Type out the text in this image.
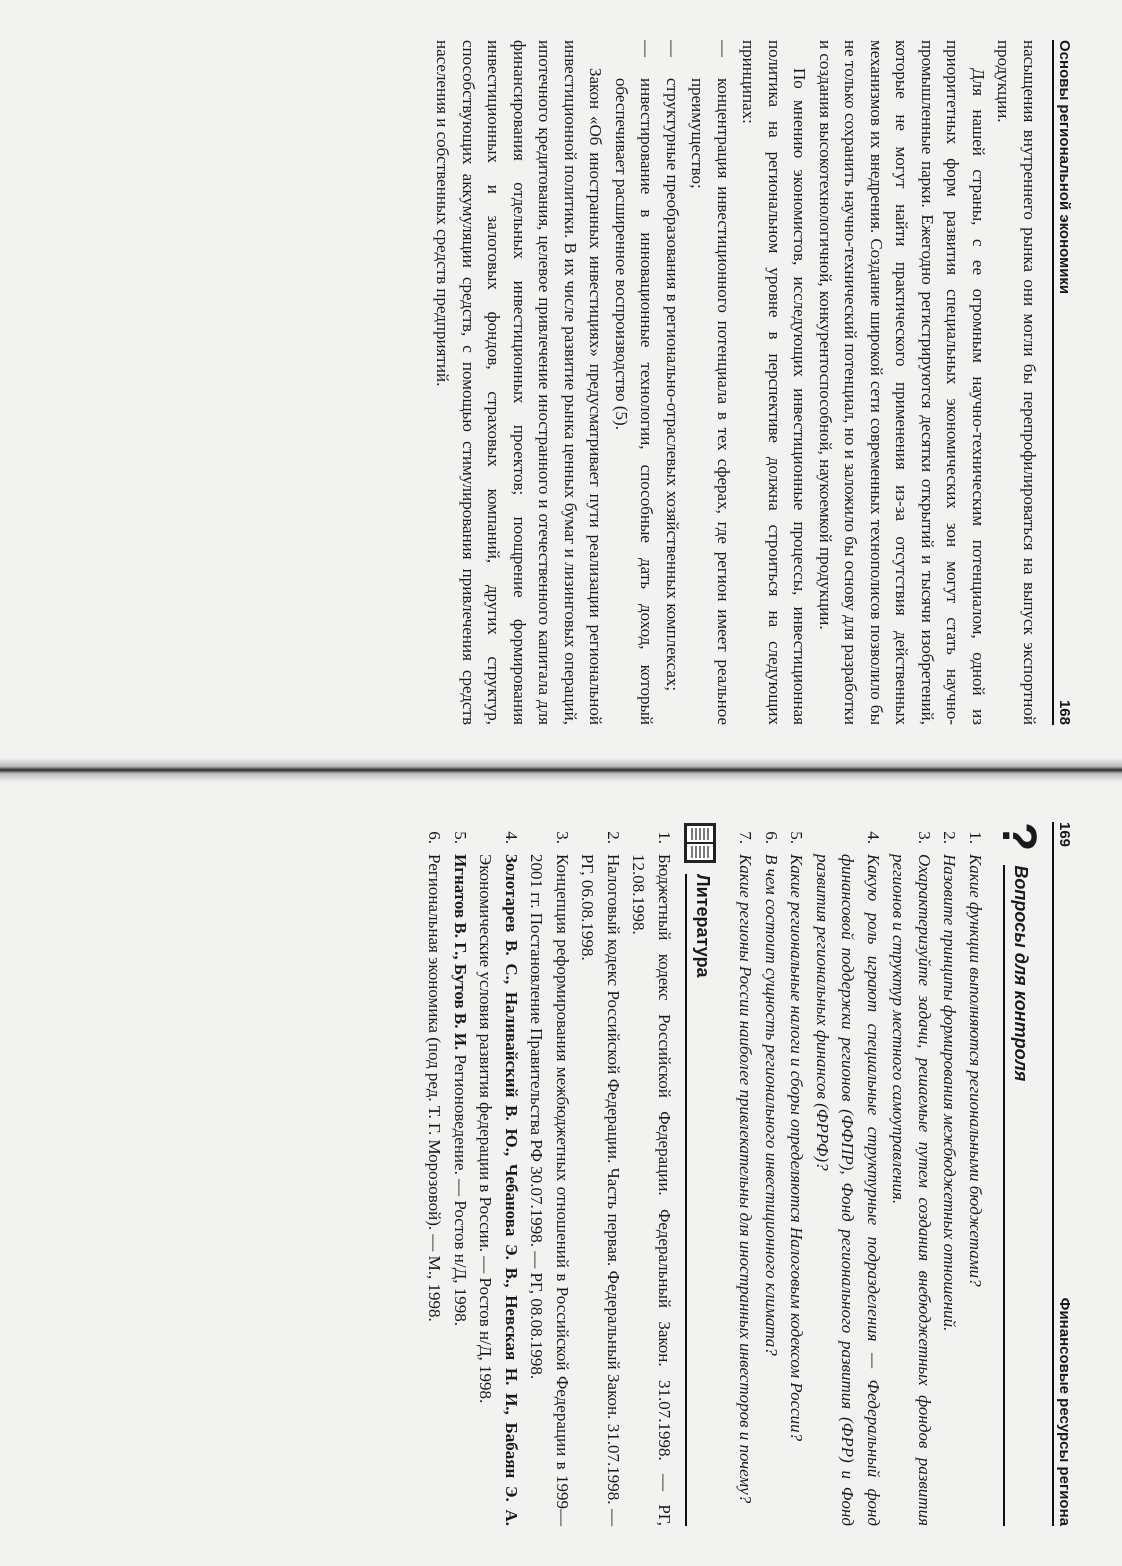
Основы региональной экономики
168

насыщения внутреннего рынка они могли бы перепрофилироваться на выпуск экспортной продукции.

Для нашей страны, с ее огромным научно-техническим потенциалом, одной из приоритетных форм развития специальных экономических зон могут стать научно-промышленные парки. Ежегодно регистрируются десятки открытий и тысячи изобретений, которые не могут найти практического применения из-за отсутствия действенных механизмов их внедрения. Создание широкой сети современных технополисов позволило бы не только сохранить научно-технический потенциал, но и заложило бы основу для разработки и создания высокотехнологичной, конкурентоспособной, наукоемкой продукции.

По мнению экономистов, исследующих инвестиционные процессы, инвестиционная политика на региональном уровне в перспективе должна строиться на следующих принципах:

— концентрация инвестиционного потенциала в тех сферах, где регион имеет реальное преимущество;
— структурные преобразования в регионально-отраслевых хозяйственных комплексах;
— инвестирование в инновационные технологии, способные дать доход, который обеспечивает расширенное воспроизводство (5).

Закон «Об иностранных инвестициях» предусматривает пути реализации региональной инвестиционной политики. В их числе развитие рынка ценных бумаг и лизинговых операций, ипотечного кредитования, целевое привлечение иностранного и отечественного капитала для финансирования отдельных инвестиционных проектов; поощрение формирования инвестиционных и залоговых фондов, страховых компаний, других структур, способствующих аккумуляции средств, с помощью стимулирования привлечения средств населения и собственных средств предприятий.

169
Финансовые ресурсы региона
?
Вопросы для контроля
1.
Какие функции выполняются региональными бюджетами?
2.
Назовите принципы формирования межбюджетных отношений.
3.
Охарактеризуйте задачи, решаемые путем создания внебюджетных фондов развития регионов и структур местного самоуправления.
4.
Какую роль играют специальные структурные подразделения — Федеральный фонд финансовой поддержки регионов (ФФПР), Фонд регионального развития (ФРР) и Фонд развития региональных финансов (ФРРФ)?
5.
Какие региональные налоги и сборы определяются Налоговым кодексом России?
6.
В чем состоит сущность регионального инвестиционного климата?
7.
Какие регионы России наиболее привлекательны для иностранных инвесторов и почему?
Литература
1.
Бюджетный кодекс Российской Федерации. Федеральный Закон. 31.07.1998. — РГ, 12.08.1998.
2.
Налоговый кодекс Российской Федерации. Часть первая. Федеральный Закон. 31.07.1998. — РГ, 06.08.1998.
3.
Концепция реформирования межбюджетных отношений в Российской Федерации в 1999—2001 гг. Постановление Правительства РФ 30.07.1998. — РГ, 08.08.1998.
4.
Золотарев В. С., Наливайский В. Ю., Чебанова Э. В., Невская Н. И., Бабаян Э. А. Экономические условия развития федерации в России. — Ростов н/Д, 1998.
5.
Игнатов В. Г., Бутов В. И. Регионоведение. — Ростов н/Д, 1998.
6.
Региональная экономика (под ред. Т. Г. Морозовой). — М., 1998.
